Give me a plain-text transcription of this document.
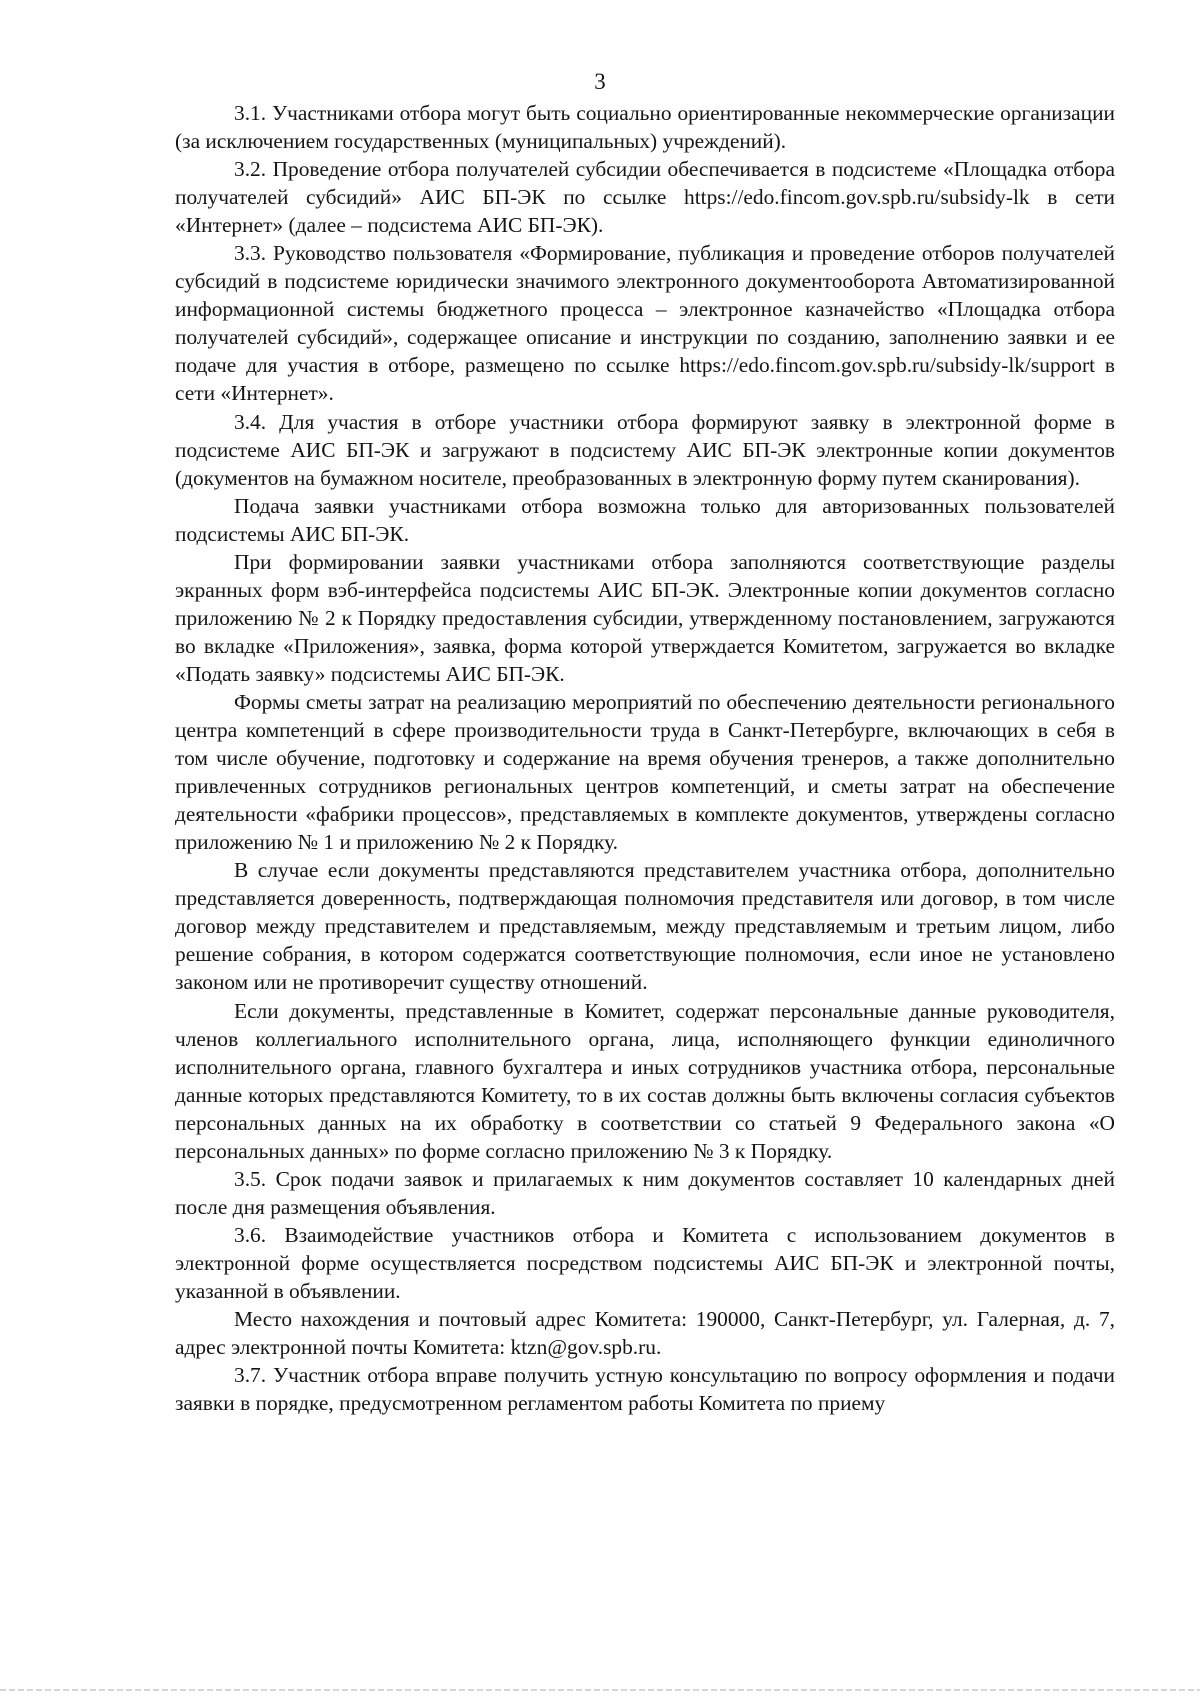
3

3.1. Участниками отбора могут быть социально ориентированные некоммерческие организации (за исключением государственных (муниципальных) учреждений).

3.2. Проведение отбора получателей субсидии обеспечивается в подсистеме «Площадка отбора получателей субсидий» АИС БП-ЭК по ссылке https://edo.fincom.gov.spb.ru/subsidy-lk в сети «Интернет» (далее – подсистема АИС БП-ЭК).

3.3. Руководство пользователя «Формирование, публикация и проведение отборов получателей субсидий в подсистеме юридически значимого электронного документооборота Автоматизированной информационной системы бюджетного процесса – электронное казначейство «Площадка отбора получателей субсидий», содержащее описание и инструкции по созданию, заполнению заявки и ее подаче для участия в отборе, размещено по ссылке https://edo.fincom.gov.spb.ru/subsidy-lk/support в сети «Интернет».

3.4. Для участия в отборе участники отбора формируют заявку в электронной форме в подсистеме АИС БП-ЭК и загружают в подсистему АИС БП-ЭК электронные копии документов (документов на бумажном носителе, преобразованных в электронную форму путем сканирования).

Подача заявки участниками отбора возможна только для авторизованных пользователей подсистемы АИС БП-ЭК.

При формировании заявки участниками отбора заполняются соответствующие разделы экранных форм вэб-интерфейса подсистемы АИС БП-ЭК. Электронные копии документов согласно приложению № 2 к Порядку предоставления субсидии, утвержденному постановлением, загружаются во вкладке «Приложения», заявка, форма которой утверждается Комитетом, загружается во вкладке «Подать заявку» подсистемы АИС БП-ЭК.

Формы сметы затрат на реализацию мероприятий по обеспечению деятельности регионального центра компетенций в сфере производительности труда в Санкт-Петербурге, включающих в себя в том числе обучение, подготовку и содержание на время обучения тренеров, а также дополнительно привлеченных сотрудников региональных центров компетенций, и сметы затрат на обеспечение деятельности «фабрики процессов», представляемых в комплекте документов, утверждены согласно приложению № 1 и приложению № 2 к Порядку.

В случае если документы представляются представителем участника отбора, дополнительно представляется доверенность, подтверждающая полномочия представителя или договор, в том числе договор между представителем и представляемым, между представляемым и третьим лицом, либо решение собрания, в котором содержатся соответствующие полномочия, если иное не установлено законом или не противоречит существу отношений.

Если документы, представленные в Комитет, содержат персональные данные руководителя, членов коллегиального исполнительного органа, лица, исполняющего функции единоличного исполнительного органа, главного бухгалтера и иных сотрудников участника отбора, персональные данные которых представляются Комитету, то в их состав должны быть включены согласия субъектов персональных данных на их обработку в соответствии со статьей 9 Федерального закона «О персональных данных» по форме согласно приложению № 3 к Порядку.

3.5. Срок подачи заявок и прилагаемых к ним документов составляет 10 календарных дней после дня размещения объявления.

3.6. Взаимодействие участников отбора и Комитета с использованием документов в электронной форме осуществляется посредством подсистемы АИС БП-ЭК и электронной почты, указанной в объявлении.

Место нахождения и почтовый адрес Комитета: 190000, Санкт-Петербург, ул. Галерная, д. 7, адрес электронной почты Комитета: ktzn@gov.spb.ru.

3.7. Участник отбора вправе получить устную консультацию по вопросу оформления и подачи заявки в порядке, предусмотренном регламентом работы Комитета по приему
